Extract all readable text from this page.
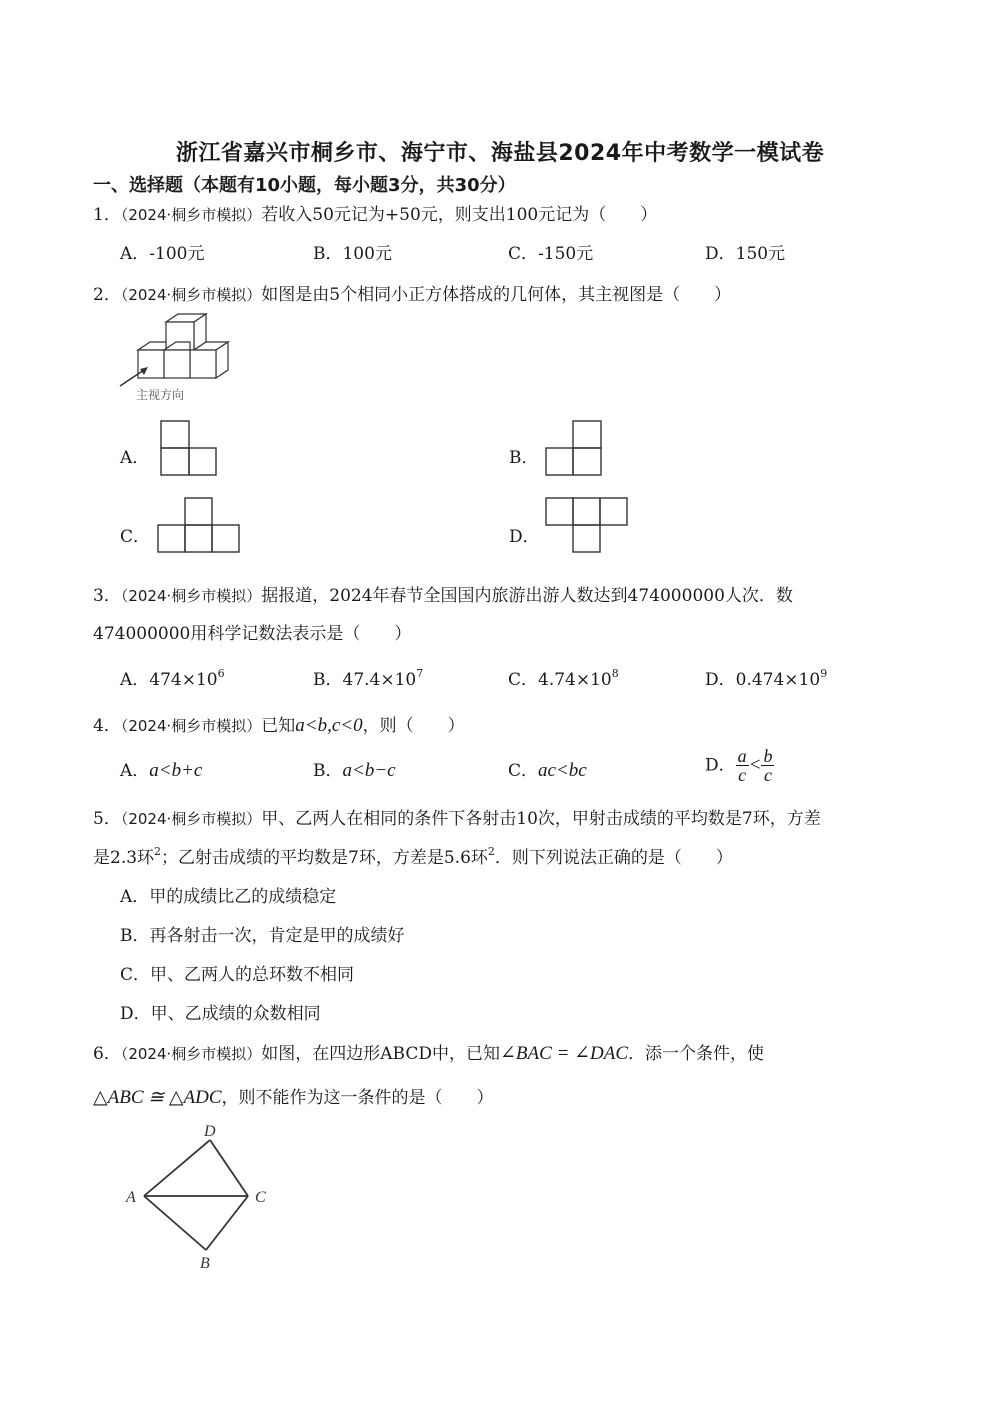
浙江省嘉兴市桐乡市、海宁市、海盐县2024年中考数学一模试卷
一、选择题（本题有10小题，每小题3分，共30分）
1．（2024·桐乡市模拟）若收入50元记为+50元，则支出100元记为（　　）
A．-100元	B．100元	C．-150元	D．150元
2．（2024·桐乡市模拟）如图是由5个相同小正方体搭成的几何体，其主视图是（　　）
主视方向
A．	B．
C．	D．
3．（2024·桐乡市模拟）据报道，2024年春节全国国内旅游出游人数达到474000000人次．数
474000000用科学记数法表示是（　　）
A．$474\times 10^6$	B．$47.4\times 10^7$	C．$4.74\times 10^8$	D．$0.474\times 10^9$
4．（2024·桐乡市模拟）已知a<b,c<0，则（　　）
A．a<b+c	B．a<b−c	C．ac<bc	D． $\frac{a}{c} < \frac{b}{c}$
5．（2024·桐乡市模拟）甲、乙两人在相同的条件下各射击10次，甲射击成绩的平均数是7环，方差
是2.3环$^2$；乙射击成绩的平均数是7环，方差是5.6环$^2$．则下列说法正确的是（　　）
A．甲的成绩比乙的成绩稳定
B．再各射击一次，肯定是甲的成绩好
C．甲、乙两人的总环数不相同
D．甲、乙成绩的众数相同
6．（2024·桐乡市模拟）如图，在四边形ABCD中，已知∠BAC = ∠DAC．添一个条件，使
△ABC ≅ △ADC，则不能作为这一条件的是（　　）
D
A	C
B
